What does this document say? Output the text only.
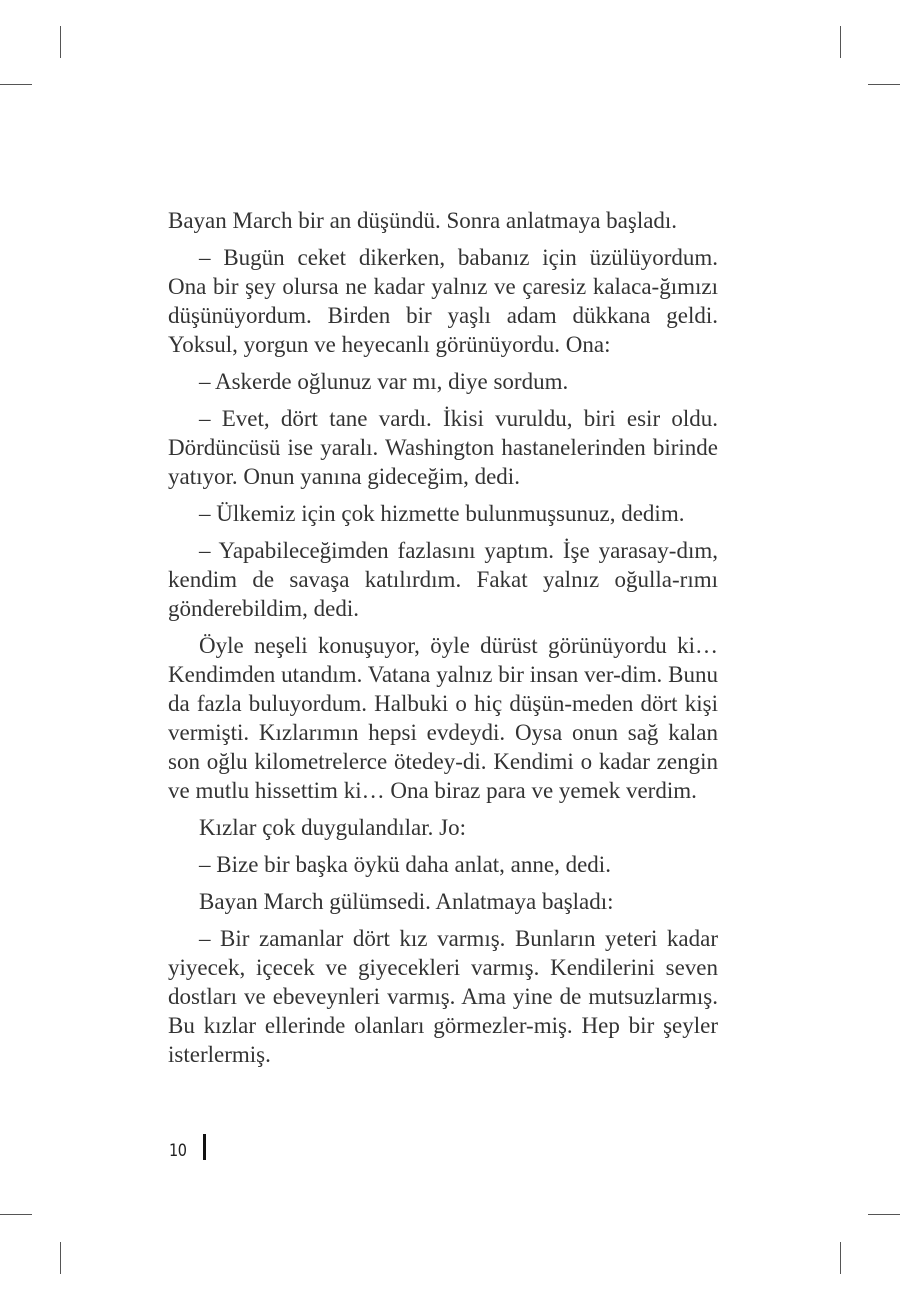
Bayan March bir an düşündü. Sonra anlatmaya başladı.

– Bugün ceket dikerken, babanız için üzülüyordum. Ona bir şey olursa ne kadar yalnız ve çaresiz kalaca-ğımızı düşünüyordum. Birden bir yaşlı adam dükkana geldi. Yoksul, yorgun ve heyecanlı görünüyordu. Ona:

– Askerde oğlunuz var mı, diye sordum.

– Evet, dört tane vardı. İkisi vuruldu, biri esir oldu. Dördüncüsü ise yaralı. Washington hastanelerinden birinde yatıyor. Onun yanına gideceğim, dedi.

– Ülkemiz için çok hizmette bulunmuşsunuz, dedim.

– Yapabileceğimden fazlasını yaptım. İşe yarasay-dım, kendim de savaşa katılırdım. Fakat yalnız oğulla-rımı gönderebildim, dedi.

Öyle neşeli konuşuyor, öyle dürüst görünüyordu ki… Kendimden utandım. Vatana yalnız bir insan ver-dim. Bunu da fazla buluyordum. Halbuki o hiç düşün-meden dört kişi vermişti. Kızlarımın hepsi evdeydi. Oysa onun sağ kalan son oğlu kilometrelerce ötedey-di. Kendimi o kadar zengin ve mutlu hissettim ki… Ona biraz para ve yemek verdim.

Kızlar çok duygulandılar. Jo:

– Bize bir başka öykü daha anlat, anne, dedi.

Bayan March gülümsedi. Anlatmaya başladı:

– Bir zamanlar dört kız varmış. Bunların yeteri kadar yiyecek, içecek ve giyecekleri varmış. Kendilerini seven dostları ve ebeveynleri varmış. Ama yine de mutsuzlarmış. Bu kızlar ellerinde olanları görmezler-miş. Hep bir şeyler isterlermiş.

10
